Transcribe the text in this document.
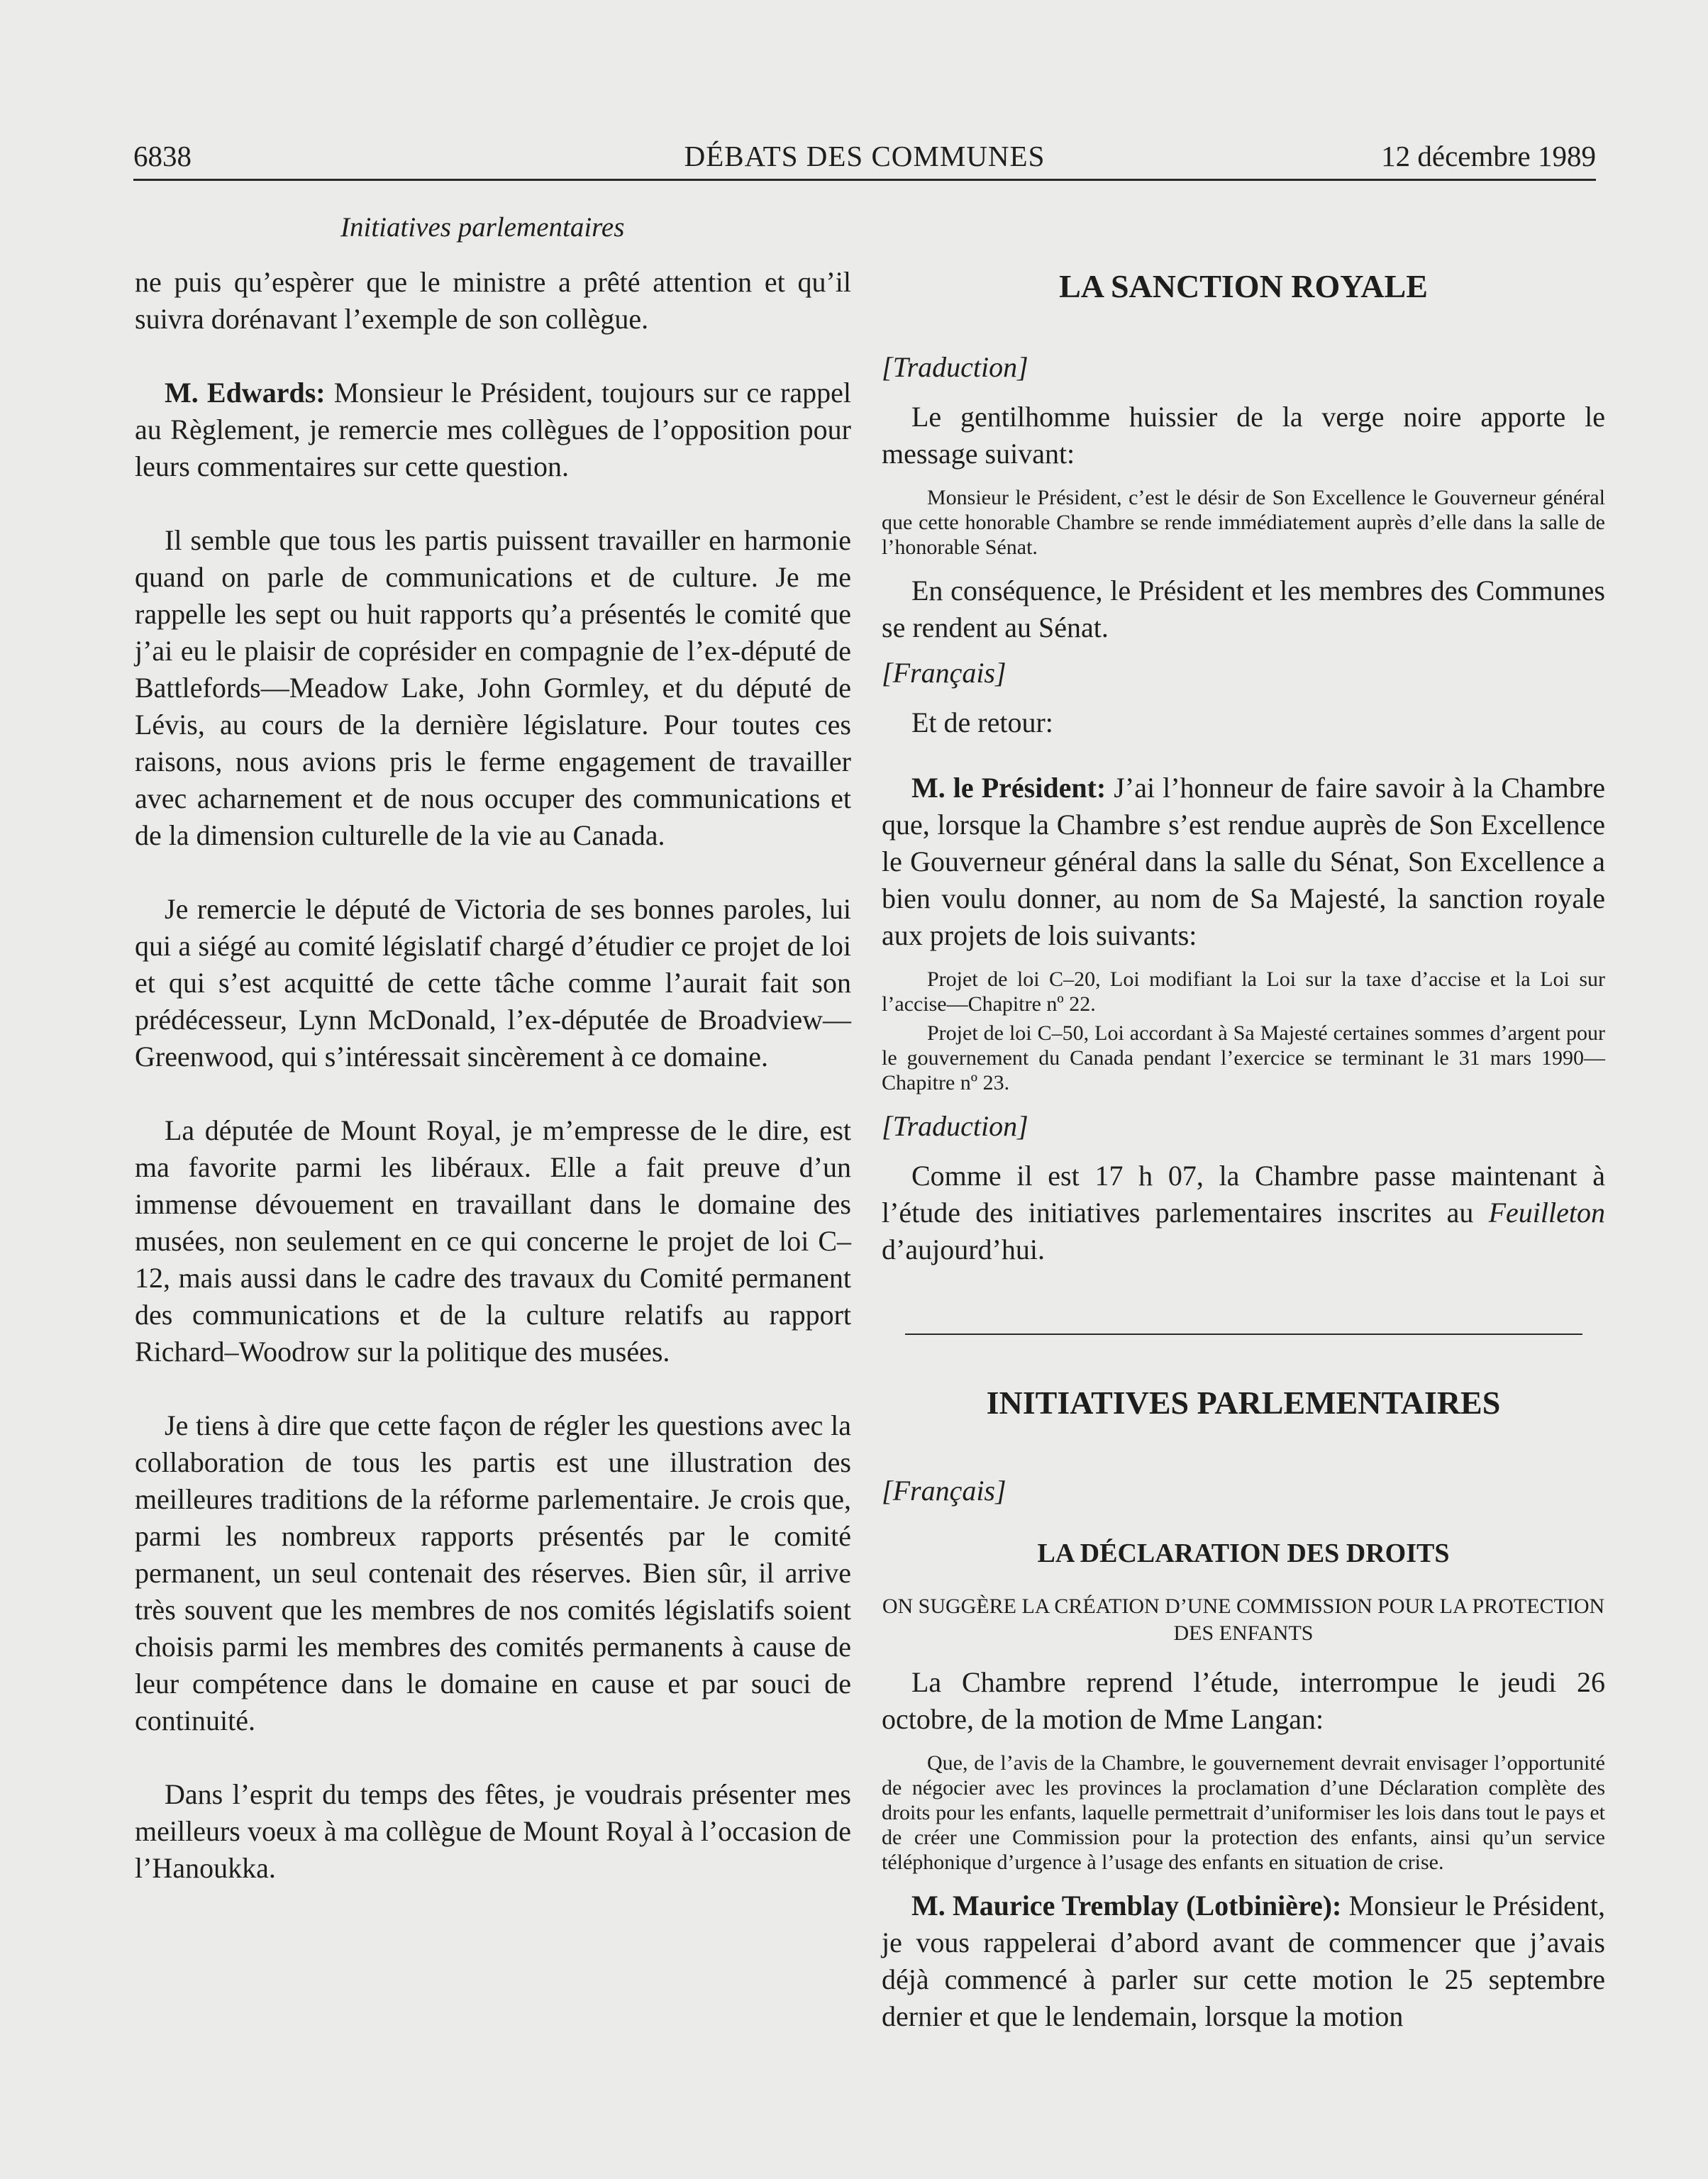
6838	DÉBATS DES COMMUNES	12 décembre 1989
Initiatives parlementaires

ne puis qu’espèrer que le ministre a prêté attention et qu’il suivra dorénavant l’exemple de son collègue.

M. Edwards: Monsieur le Président, toujours sur ce rappel au Règlement, je remercie mes collègues de l’opposition pour leurs commentaires sur cette question.

Il semble que tous les partis puissent travailler en harmonie quand on parle de communications et de culture. Je me rappelle les sept ou huit rapports qu’a présentés le comité que j’ai eu le plaisir de coprésider en compagnie de l’ex-député de Battlefords—Meadow Lake, John Gormley, et du député de Lévis, au cours de la dernière législature. Pour toutes ces raisons, nous avions pris le ferme engagement de travailler avec acharnement et de nous occuper des communications et de la dimension culturelle de la vie au Canada.

Je remercie le député de Victoria de ses bonnes paroles, lui qui a siégé au comité législatif chargé d’étudier ce projet de loi et qui s’est acquitté de cette tâche comme l’aurait fait son prédécesseur, Lynn McDonald, l’ex-députée de Broadview—Greenwood, qui s’intéressait sincèrement à ce domaine.

La députée de Mount Royal, je m’empresse de le dire, est ma favorite parmi les libéraux. Elle a fait preuve d’un immense dévouement en travaillant dans le domaine des musées, non seulement en ce qui concerne le projet de loi C–12, mais aussi dans le cadre des travaux du Comité permanent des communications et de la culture relatifs au rapport Richard–Woodrow sur la politique des musées.

Je tiens à dire que cette façon de régler les questions avec la collaboration de tous les partis est une illustration des meilleures traditions de la réforme parlementaire. Je crois que, parmi les nombreux rapports présentés par le comité permanent, un seul contenait des réserves. Bien sûr, il arrive très souvent que les membres de nos comités législatifs soient choisis parmi les membres des comités permanents à cause de leur compétence dans le domaine en cause et par souci de continuité.

Dans l’esprit du temps des fêtes, je voudrais présenter mes meilleurs voeux à ma collègue de Mount Royal à l’occasion de l’Hanoukka.

LA SANCTION ROYALE

[Traduction]

Le gentilhomme huissier de la verge noire apporte le message suivant:

Monsieur le Président, c’est le désir de Son Excellence le Gouverneur général que cette honorable Chambre se rende immédiatement auprès d’elle dans la salle de l’honorable Sénat.

En conséquence, le Président et les membres des Communes se rendent au Sénat.

[Français]

Et de retour:

M. le Président: J’ai l’honneur de faire savoir à la Chambre que, lorsque la Chambre s’est rendue auprès de Son Excellence le Gouverneur général dans la salle du Sénat, Son Excellence a bien voulu donner, au nom de Sa Majesté, la sanction royale aux projets de lois suivants:

Projet de loi C–20, Loi modifiant la Loi sur la taxe d’accise et la Loi sur l’accise—Chapitre nº 22.

Projet de loi C–50, Loi accordant à Sa Majesté certaines sommes d’argent pour le gouvernement du Canada pendant l’exercice se terminant le 31 mars 1990—Chapitre nº 23.

[Traduction]

Comme il est 17 h 07, la Chambre passe maintenant à l’étude des initiatives parlementaires inscrites au Feuilleton d’aujourd’hui.

INITIATIVES PARLEMENTAIRES

[Français]

LA DÉCLARATION DES DROITS

ON SUGGÈRE LA CRÉATION D’UNE COMMISSION POUR LA PROTECTION DES ENFANTS

La Chambre reprend l’étude, interrompue le jeudi 26 octobre, de la motion de Mme Langan:

Que, de l’avis de la Chambre, le gouvernement devrait envisager l’opportunité de négocier avec les provinces la proclamation d’une Déclaration complète des droits pour les enfants, laquelle permettrait d’uniformiser les lois dans tout le pays et de créer une Commission pour la protection des enfants, ainsi qu’un service téléphonique d’urgence à l’usage des enfants en situation de crise.

M. Maurice Tremblay (Lotbinière): Monsieur le Président, je vous rappelerai d’abord avant de commencer que j’avais déjà commencé à parler sur cette motion le 25 septembre dernier et que le lendemain, lorsque la motion
